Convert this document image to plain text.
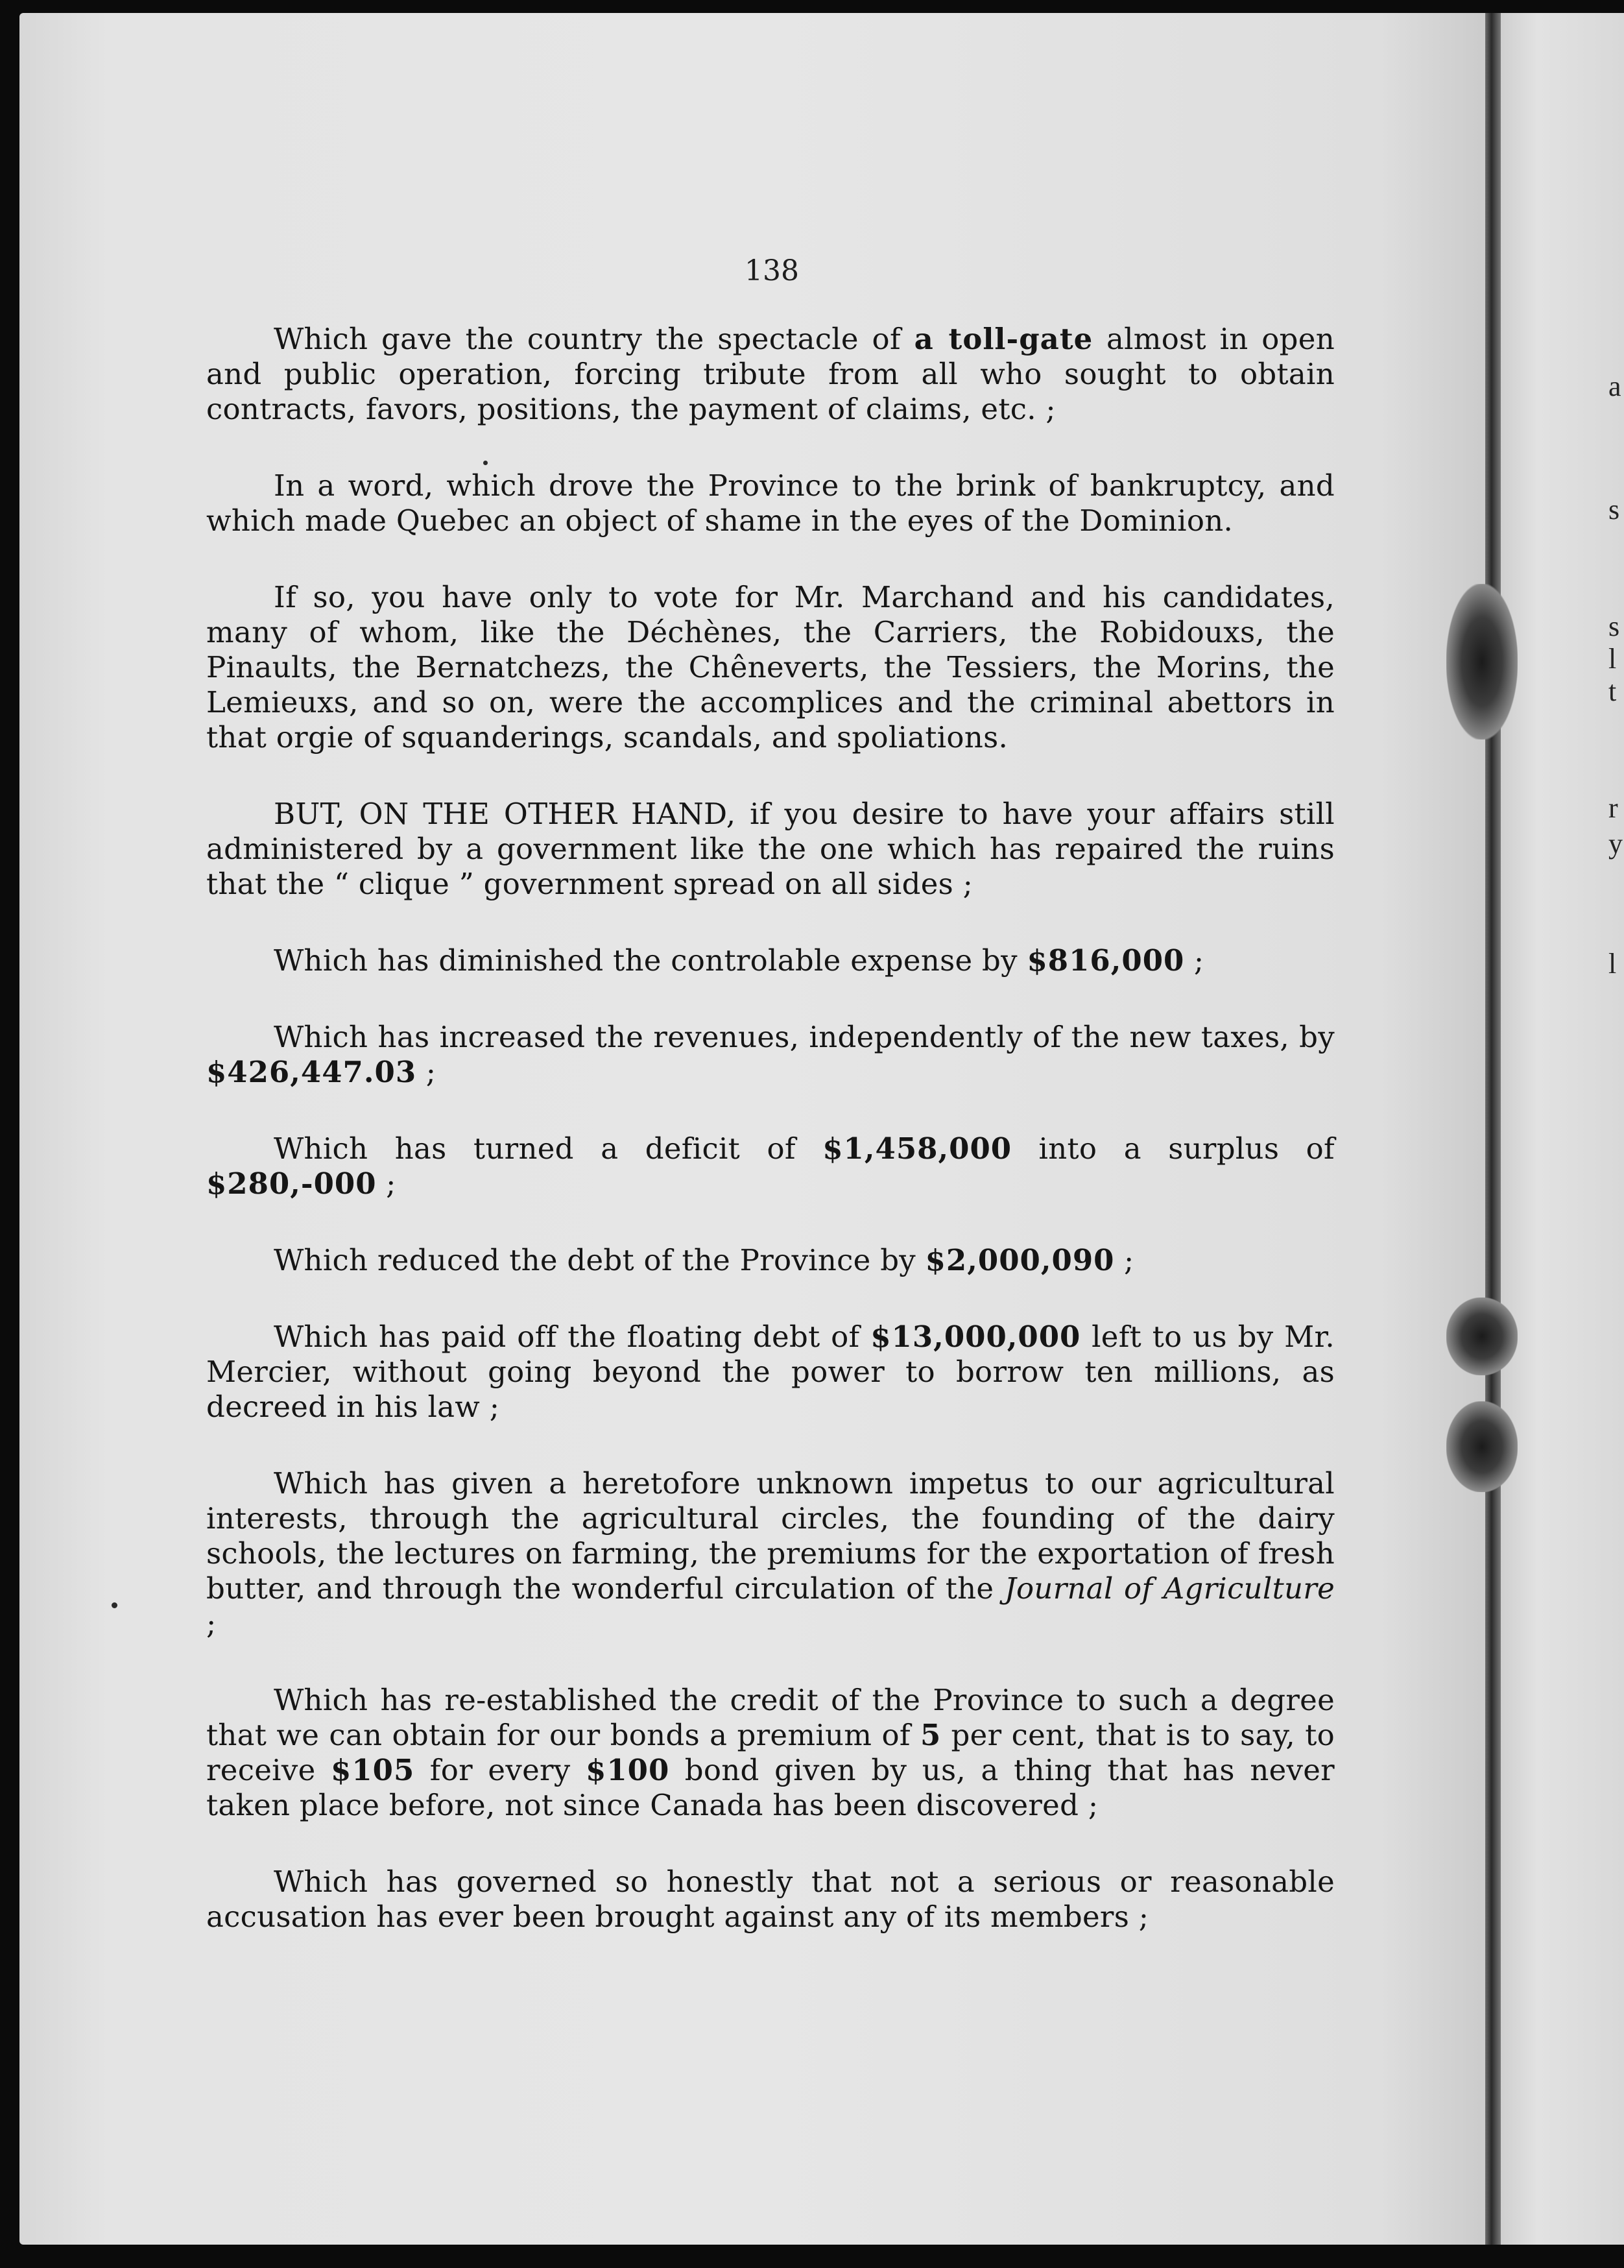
a
s
s
l
t
r
y
l
138

Which gave the country the spectacle of a toll-gate almost in open and public operation, forcing tribute from all who sought to obtain contracts, favors, positions, the payment of claims, etc. ;

In a word, which drove the Province to the brink of bankruptcy, and which made Quebec an object of shame in the eyes of the Dominion.

If so, you have only to vote for Mr. Marchand and his candidates, many of whom, like the Déchènes, the Carriers, the Robidouxs, the Pinaults, the Bernatchezs, the Chêneverts, the Tessiers, the Morins, the Lemieuxs, and so on, were the accomplices and the criminal abettors in that orgie of squanderings, scandals, and spoliations.

BUT, ON THE OTHER HAND, if you desire to have your affairs still administered by a government like the one which has repaired the ruins that the “ clique ” government spread on all sides ;

Which has diminished the controlable expense by $816,000 ;

Which has increased the revenues, independently of the new taxes, by $426,447.03 ;

Which has turned a deficit of $1,458,000 into a surplus of $280,-000 ;

Which reduced the debt of the Province by $2,000,090 ;

Which has paid off the floating debt of $13,000,000 left to us by Mr. Mercier, without going beyond the power to borrow ten millions, as decreed in his law ;

Which has given a heretofore unknown impetus to our agricultural interests, through the agricultural circles, the founding of the dairy schools, the lectures on farming, the premiums for the exportation of fresh butter, and through the wonderful circulation of the Journal of Agriculture ;

Which has re-established the credit of the Province to such a degree that we can obtain for our bonds a premium of 5 per cent, that is to say, to receive $105 for every $100 bond given by us, a thing that has never taken place before, not since Canada has been discovered ;

Which has governed so honestly that not a serious or reasonable accusation has ever been brought against any of its members ;
